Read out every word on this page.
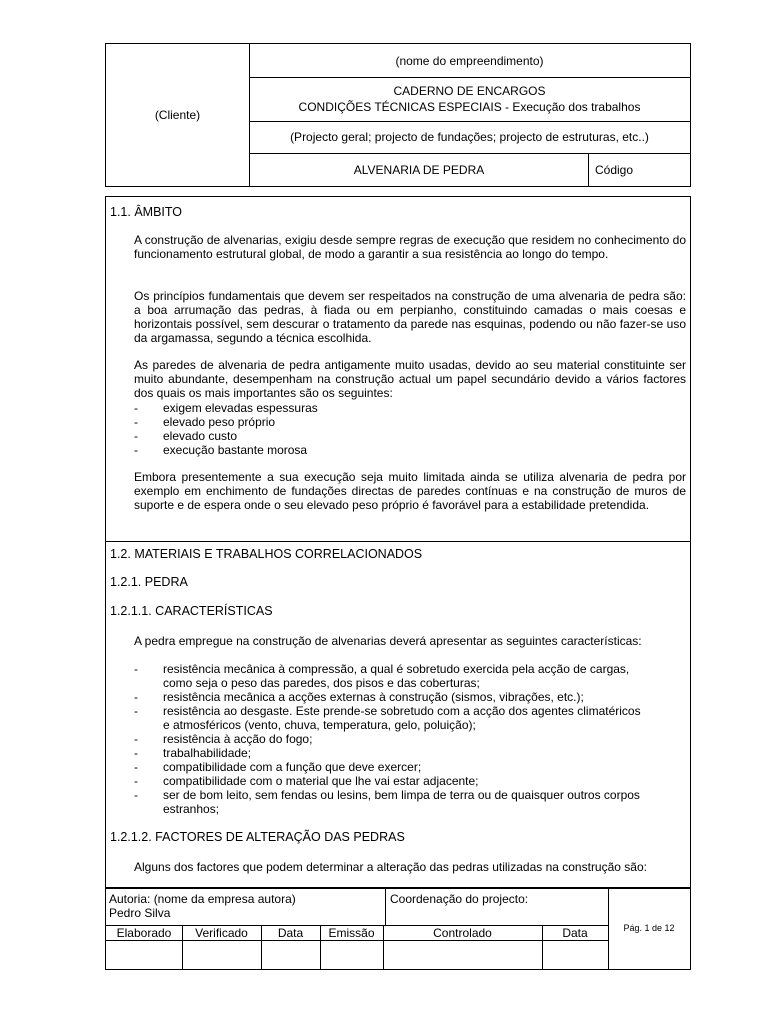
(Cliente)
(nome do empreendimento)
CADERNO DE ENCARGOS
CONDIÇÕES TÉCNICAS ESPECIAIS - Execução dos trabalhos
(Projecto geral; projecto de fundações; projecto de estruturas, etc..)
ALVENARIA DE PEDRA	Código
1.1. ÂMBITO
A construção de alvenarias, exigiu desde sempre regras de execução que residem no conhecimento do funcionamento estrutural global, de modo a garantir a sua resistência ao longo do tempo.
Os princípios fundamentais que devem ser respeitados na construção de uma alvenaria de pedra são: a boa arrumação das pedras, à fiada ou em perpianho, constituindo camadas o mais coesas e horizontais possível, sem descurar o tratamento da parede nas esquinas, podendo ou não fazer-se uso da argamassa, segundo a técnica escolhida.
As paredes de alvenaria de pedra antigamente muito usadas, devido ao seu material constituinte ser muito abundante, desempenham na construção actual um papel secundário devido a vários factores dos quais os mais importantes são os seguintes:
-	exigem elevadas espessuras
-	elevado peso próprio
-	elevado custo
-	execução bastante morosa
Embora presentemente a sua execução seja muito limitada ainda se utiliza alvenaria de pedra por exemplo em enchimento de fundações directas de paredes contínuas e na construção de muros de suporte e de espera onde o seu elevado peso próprio é favorável para a estabilidade pretendida.
1.2. MATERIAIS E TRABALHOS CORRELACIONADOS
1.2.1. PEDRA
1.2.1.1. CARACTERÍSTICAS
A pedra empregue na construção de alvenarias deverá apresentar as seguintes características:
-	resistência mecânica à compressão, a qual é sobretudo exercida pela acção de cargas,
como seja o peso das paredes, dos pisos e das coberturas;
-	resistência mecânica a acções externas à construção (sismos, vibrações, etc.);
-	resistência ao desgaste. Este prende-se sobretudo com a acção dos agentes climatéricos
e atmosféricos (vento, chuva, temperatura, gelo, poluição);
-	resistência à acção do fogo;
-	trabalhabilidade;
-	compatibilidade com a função que deve exercer;
-	compatibilidade com o material que lhe vai estar adjacente;
-	ser de bom leito, sem fendas ou lesins, bem limpa de terra ou de quaisquer outros corpos
estranhos;
1.2.1.2. FACTORES DE ALTERAÇÃO DAS PEDRAS
Alguns dos factores que podem determinar a alteração das pedras utilizadas na construção são:
Autoria: (nome da empresa autora)
Pedro Silva
Coordenação do projecto:
Elaborado	Verificado	Data	Emissão	Controlado	Data	Pág. 1 de 12
